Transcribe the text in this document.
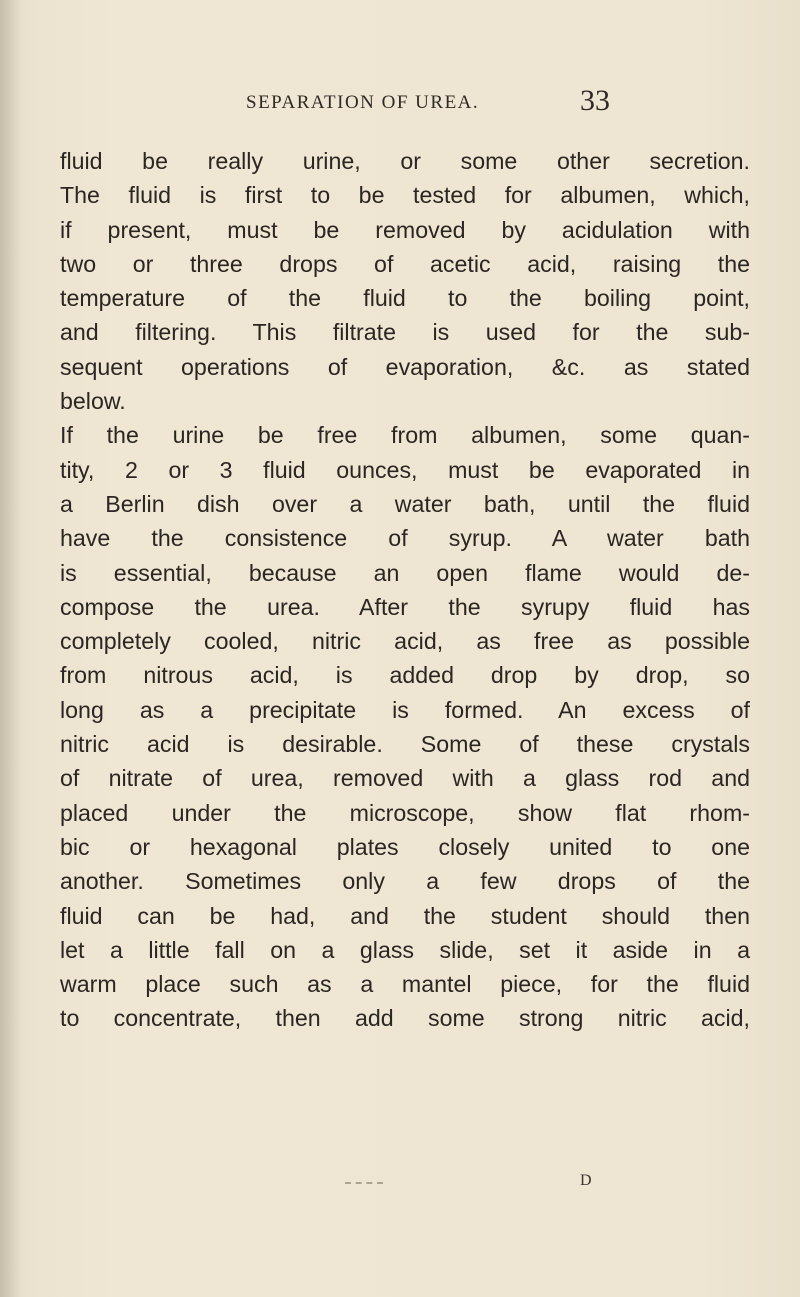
SEPARATION OF UREA.	33
fluid be really urine, or some other secretion.
The fluid is first to be tested for albumen, which,
if present, must be removed by acidulation with
two or three drops of acetic acid, raising the
temperature of the fluid to the boiling point,
and filtering. This filtrate is used for the sub-
sequent operations of evaporation, &c. as stated
below.
If the urine be free from albumen, some quan-
tity, 2 or 3 fluid ounces, must be evaporated in
a Berlin dish over a water bath, until the fluid
have the consistence of syrup. A water bath
is essential, because an open flame would de-
compose the urea. After the syrupy fluid has
completely cooled, nitric acid, as free as possible
from nitrous acid, is added drop by drop, so
long as a precipitate is formed. An excess of
nitric acid is desirable. Some of these crystals
of nitrate of urea, removed with a glass rod and
placed under the microscope, show flat rhom-
bic or hexagonal plates closely united to one
another. Sometimes only a few drops of the
fluid can be had, and the student should then
let a little fall on a glass slide, set it aside in a
warm place such as a mantel piece, for the fluid
to concentrate, then add some strong nitric acid,
D
